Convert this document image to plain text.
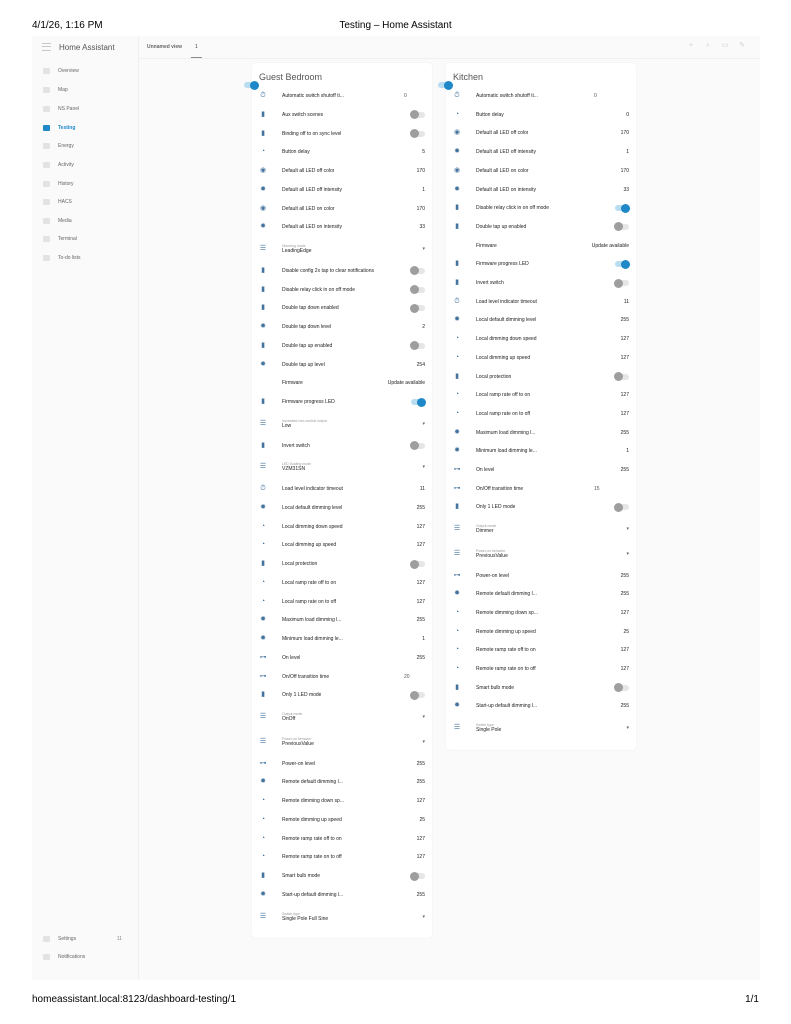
4/1/26, 1:16 PM	Testing – Home Assistant
Home Assistant
Overview
Map
NS Panel
Testing
Energy
Activity
History
HACS
Media
Terminal
To-do lists
Settings	11
Notifications
Unnamed view	1	+ ⌕ ▭ ✎
Guest Bedroom
⏱	Automatic switch shutoff ti...	0
▮	Aux switch scenes
▮	Binding off to on sync level
◔	Button delay	5
◉	Default all LED off color	170
✹	Default all LED off intensity	1
◉	Default all LED on color	170
✹	Default all LED on intensity	33
☰	Dimming mode
LeadingEdge	▾
▮	Disable config 2x tap to clear notifications
▮	Disable relay click in on off mode
▮	Double tap down enabled
✹	Double tap down level	2
▮	Double tap up enabled
✹	Double tap up level	254
Firmware	Update available
▮	Firmware progress LED
☰	Increased non-neutral output
Low	▾
▮	Invert switch
☰	LED Scaling mode
VZM31SN	▾
⏱	Load level indicator timeout	11
✹	Local default dimming level	255
◔	Local dimming down speed	127
◔	Local dimming up speed	127
▮	Local protection
◔	Local ramp rate off to on	127
◔	Local ramp rate on to off	127
✹	Maximum load dimming l...	255
✹	Minimum load dimming le...	1
⊶	On level	255
⊶	On/Off transition time	20
▮	Only 1 LED mode
☰	Output mode
OnOff	▾
☰	Power-on behavior
PreviousValue	▾
⊶	Power-on level	255
✹	Remote default dimming l...	255
◔	Remote dimming down sp...	127
◔	Remote dimming up speed	25
◔	Remote ramp rate off to on	127
◔	Remote ramp rate on to off	127
▮	Smart bulb mode
✹	Start-up default dimming l...	255
☰	Switch type
Single Pole Full Sine	▾
Kitchen
⏱	Automatic switch shutoff ti...	0
◔	Button delay	0
◉	Default all LED off color	170
✹	Default all LED off intensity	1
◉	Default all LED on color	170
✹	Default all LED on intensity	33
▮	Disable relay click in on off mode
▮	Double tap up enabled
Firmware	Update available
▮	Firmware progress LED
▮	Invert switch
⏱	Load level indicator timeout	11
✹	Local default dimming level	255
◔	Local dimming down speed	127
◔	Local dimming up speed	127
▮	Local protection
◔	Local ramp rate off to on	127
◔	Local ramp rate on to off	127
✹	Maximum load dimming l...	255
✹	Minimum load dimming le...	1
⊶	On level	255
⊶	On/Off transition time	15
▮	Only 1 LED mode
☰	Output mode
Dimmer	▾
☰	Power-on behavior
PreviousValue	▾
⊶	Power-on level	255
✹	Remote default dimming l...	255
◔	Remote dimming down sp...	127
◔	Remote dimming up speed	25
◔	Remote ramp rate off to on	127
◔	Remote ramp rate on to off	127
▮	Smart bulb mode
✹	Start-up default dimming l...	255
☰	Switch type
Single Pole	▾
homeassistant.local:8123/dashboard-testing/1	1/1
